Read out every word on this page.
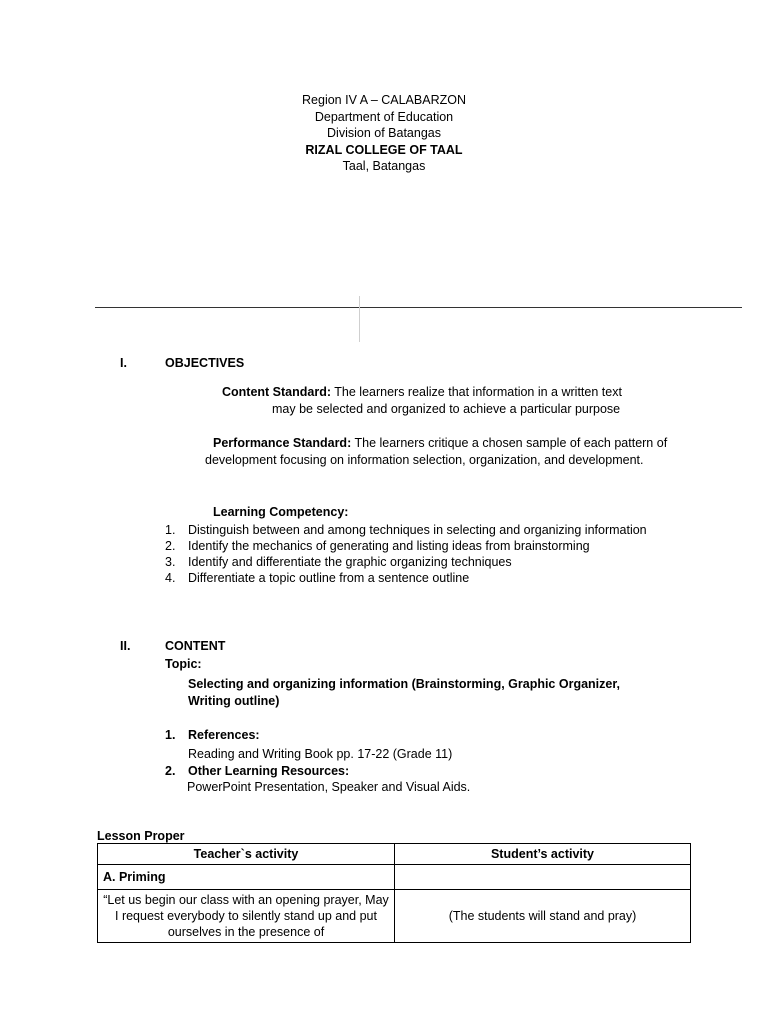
Region IV A – CALABARZON
Department of Education
Division of Batangas
RIZAL COLLEGE OF TAAL
Taal, Batangas
I.	OBJECTIVES
Content Standard: The learners realize that information in a written text
may be selected and organized to achieve a particular purpose
Performance Standard: The learners critique a chosen sample of each pattern of development focusing on information selection, organization, and development.
Learning Competency:
1. Distinguish between and among techniques in selecting and organizing information
2. Identify the mechanics of generating and listing ideas from brainstorming
3. Identify and differentiate the graphic organizing techniques
4. Differentiate a topic outline from a sentence outline
II.	CONTENT
Topic:
Selecting and organizing information (Brainstorming, Graphic Organizer, Writing outline)
1. References:
Reading and Writing Book pp. 17-22 (Grade 11)
2. Other Learning Resources:
PowerPoint Presentation, Speaker and Visual Aids.
Lesson Proper
Teacher`s activity	Student’s activity
A. Priming	
“Let us begin our class with an opening prayer, May I request everybody to silently stand up and put ourselves in the presence of	(The students will stand and pray)
